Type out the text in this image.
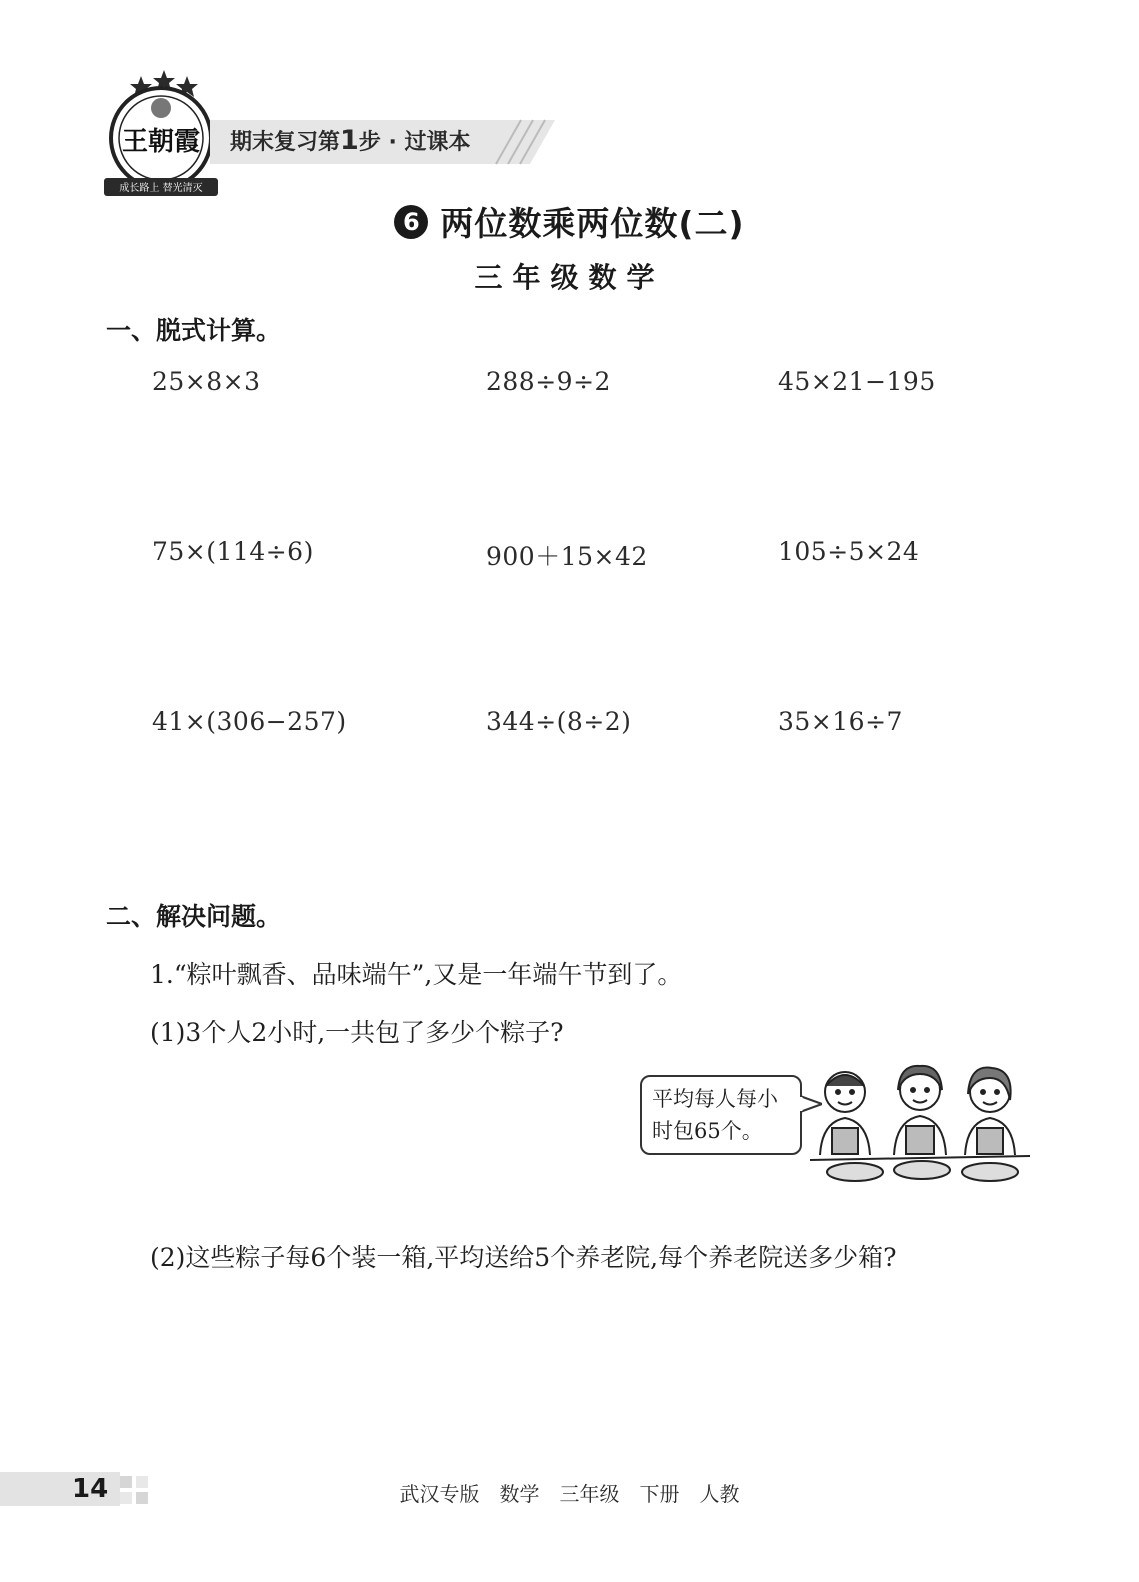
王朝霞
成长路上 替光清灭
期末复习第1步 · 过课本
6 两位数乘两位数(二)
三年级数学
一、脱式计算。
25×8×3	288÷9÷2	45×21−195
75×(114÷6)	900＋15×42	105÷5×24
41×(306−257)	344÷(8÷2)	35×16÷7
二、解决问题。
1.“粽叶飘香、品味端午”,又是一年端午节到了。
(1)3个人2小时,一共包了多少个粽子?
平均每人每小
时包65个。
(2)这些粽子每6个装一箱,平均送给5个养老院,每个养老院送多少箱?
14	武汉专版 数学 三年级 下册 人教
